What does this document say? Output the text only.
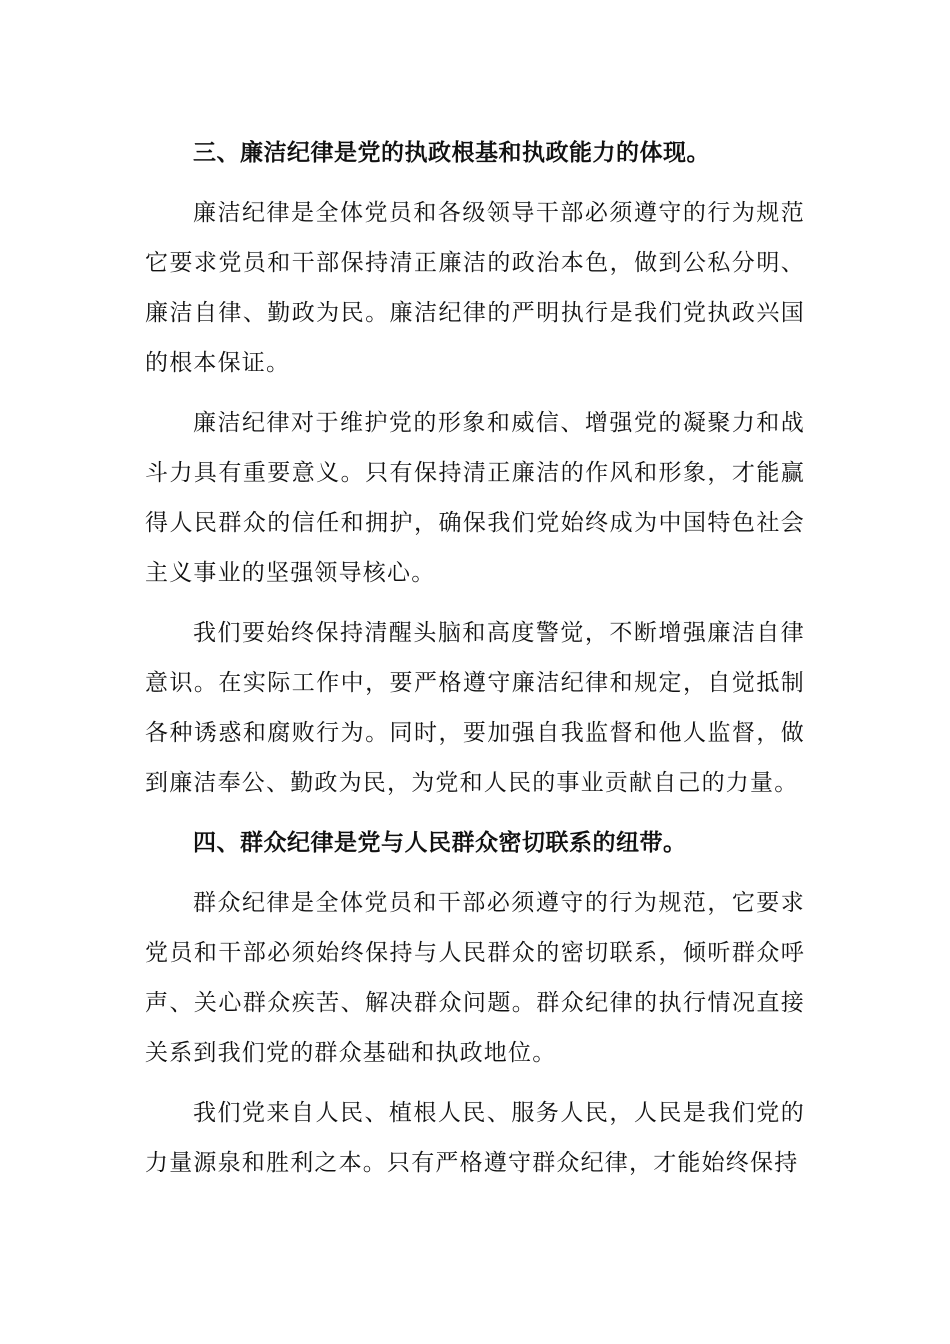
三、廉洁纪律是党的执政根基和执政能力的体现。
廉洁纪律是全体党员和各级领导干部必须遵守的行为规范它要求党员和干部保持清正廉洁的政治本色，做到公私分明、廉洁自律、勤政为民。廉洁纪律的严明执行是我们党执政兴国的根本保证。
廉洁纪律对于维护党的形象和威信、增强党的凝聚力和战斗力具有重要意义。只有保持清正廉洁的作风和形象，才能赢得人民群众的信任和拥护，确保我们党始终成为中国特色社会主义事业的坚强领导核心。
我们要始终保持清醒头脑和高度警觉，不断增强廉洁自律意识。在实际工作中，要严格遵守廉洁纪律和规定，自觉抵制各种诱惑和腐败行为。同时，要加强自我监督和他人监督，做到廉洁奉公、勤政为民，为党和人民的事业贡献自己的力量。
四、群众纪律是党与人民群众密切联系的纽带。
群众纪律是全体党员和干部必须遵守的行为规范，它要求党员和干部必须始终保持与人民群众的密切联系，倾听群众呼声、关心群众疾苦、解决群众问题。群众纪律的执行情况直接关系到我们党的群众基础和执政地位。
我们党来自人民、植根人民、服务人民，人民是我们党的力量源泉和胜利之本。只有严格遵守群众纪律，才能始终保持
